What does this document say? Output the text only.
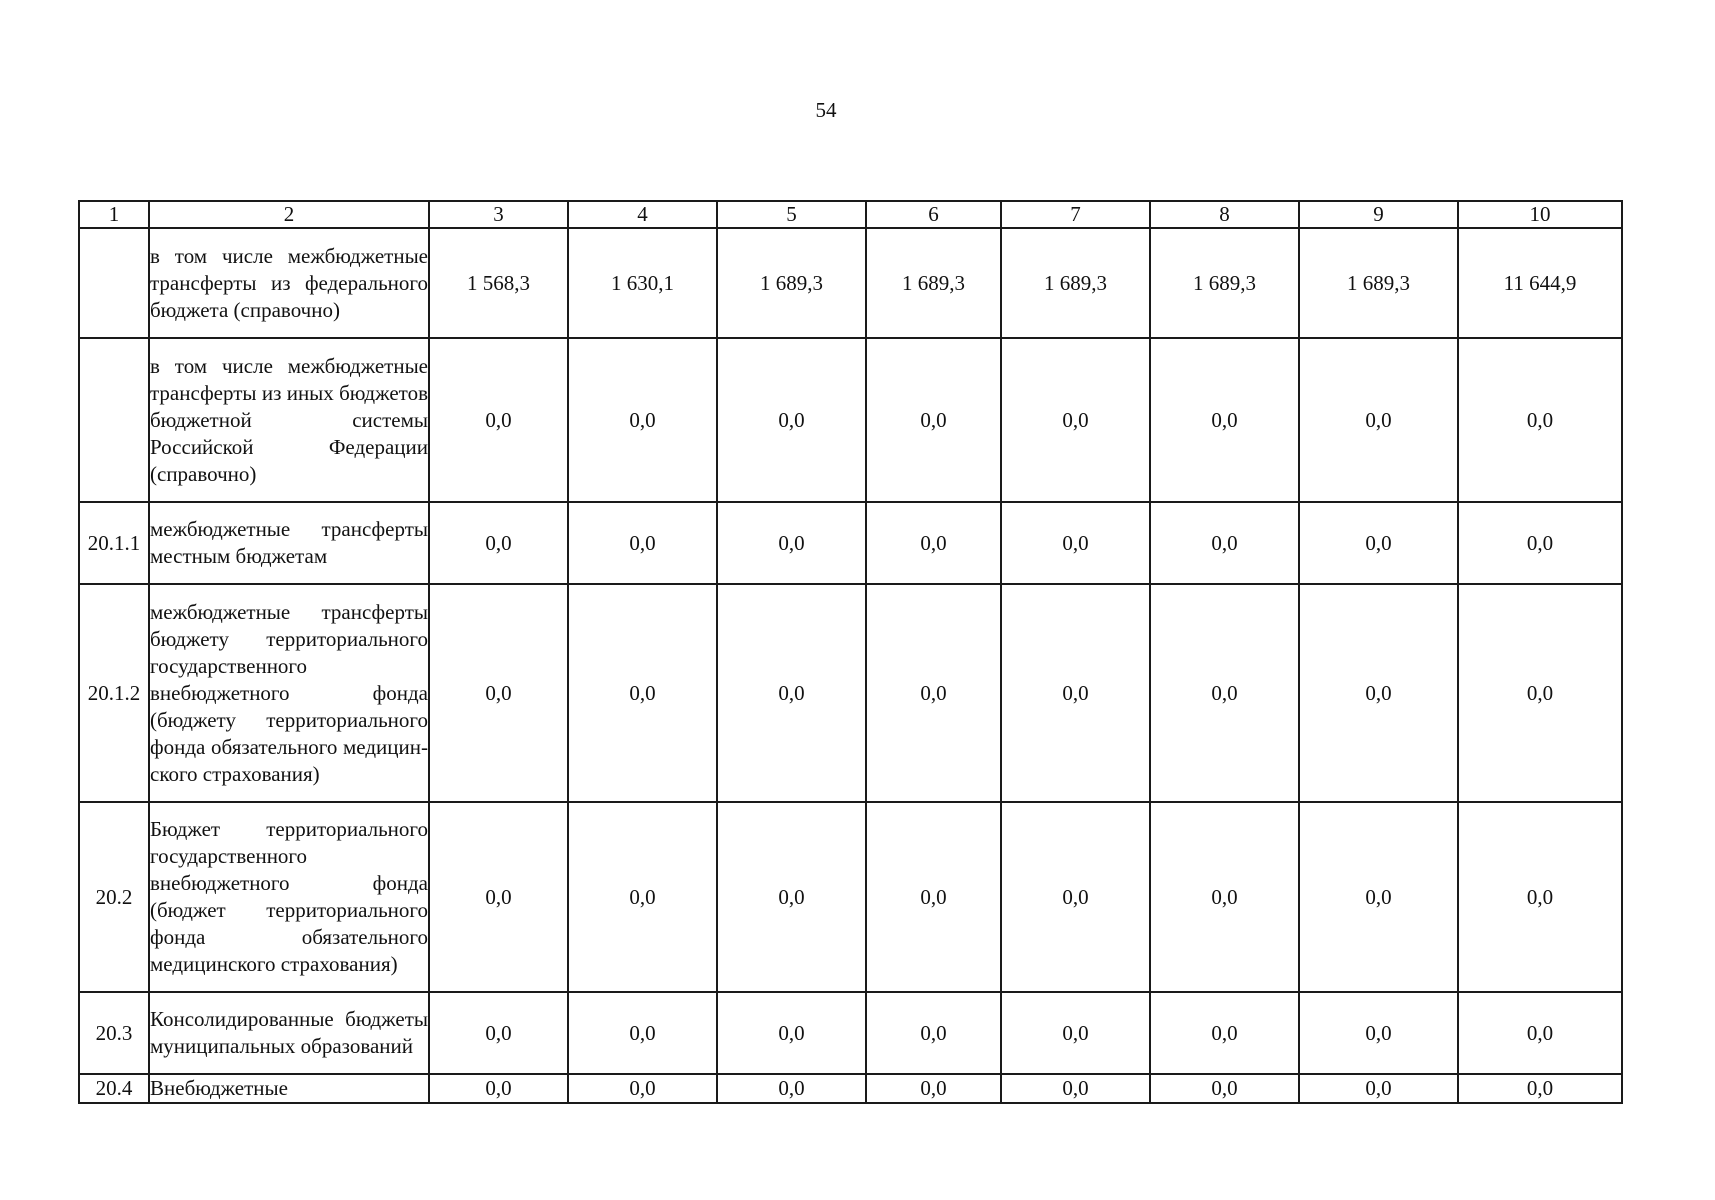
54
1	2	3	4	5	6	7	8	9	10
	в том числе межбюджетные трансферты из федерального бюджета (справочно)	1 568,3	1 630,1	1 689,3	1 689,3	1 689,3	1 689,3	1 689,3	11 644,9
	в том числе межбюджетные трансферты из иных бюджетов бюджетной системы Российской Федерации (справочно)	0,0	0,0	0,0	0,0	0,0	0,0	0,0	0,0
20.1.1	межбюджетные трансферты местным бюджетам	0,0	0,0	0,0	0,0	0,0	0,0	0,0	0,0
20.1.2	межбюджетные трансферты бюджету территориального государственного внебюджетного фонда (бюджету территориального фонда обязательного медицинского страхования)	0,0	0,0	0,0	0,0	0,0	0,0	0,0	0,0
20.2	Бюджет территориального государственного внебюджетного фонда (бюджет территориального фонда обязательного медицинского страхования)	0,0	0,0	0,0	0,0	0,0	0,0	0,0	0,0
20.3	Консолидированные бюджеты муниципальных образований	0,0	0,0	0,0	0,0	0,0	0,0	0,0	0,0
20.4	Внебюджетные	0,0	0,0	0,0	0,0	0,0	0,0	0,0	0,0
